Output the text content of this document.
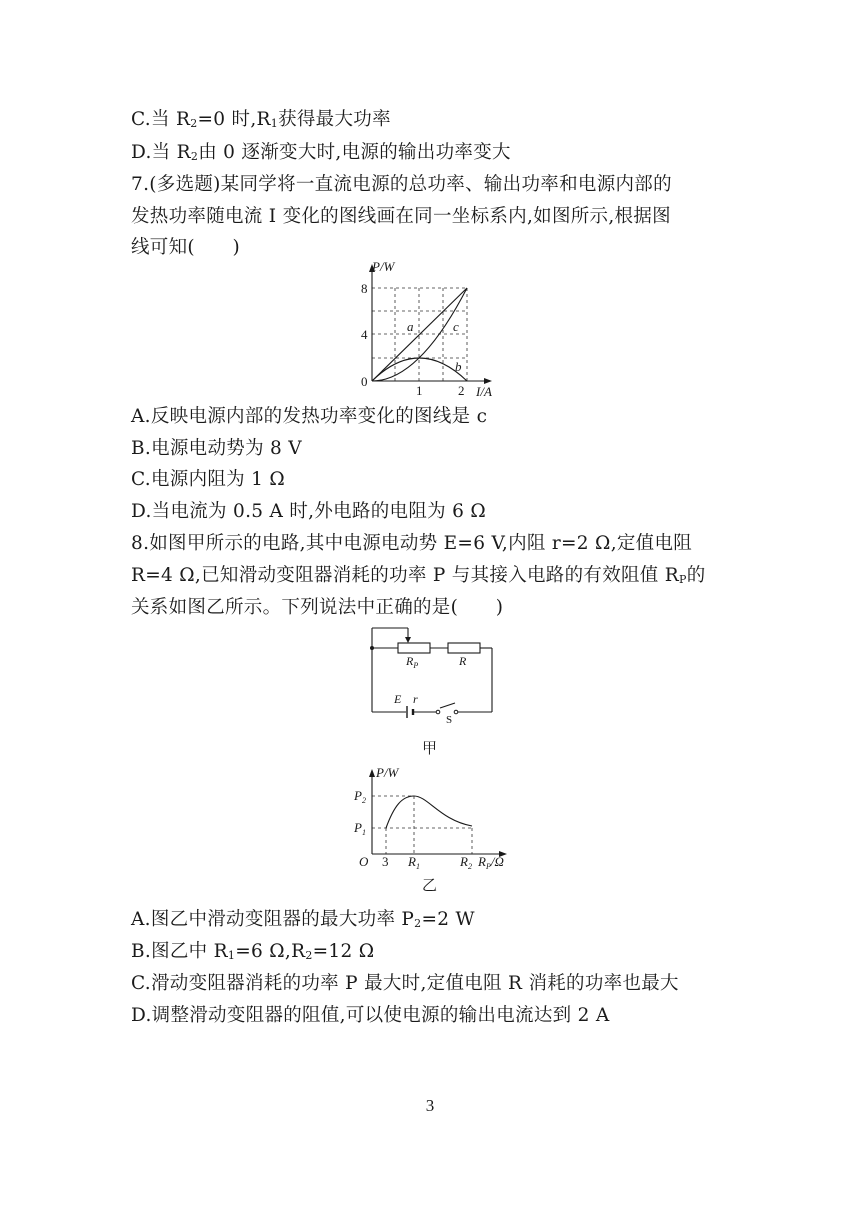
C.当 $R_2=0$ 时$,R_1$获得最大功率
D.当 $R_2$由 0 逐渐变大时,电源的输出功率变大
7.(多选题)某同学将一直流电源的总功率、输出功率和电源内部的
发热功率随电流 I 变化的图线画在同一坐标系内,如图所示,根据图
线可知(　　)
P/W
I/A
8
4
0
1	2
a	c
b
A.反映电源内部的发热功率变化的图线是 c
B.电源电动势为 8 V
C.电源内阻为 1 Ω
D.当电流为 0.5 A 时,外电路的电阻为 6 Ω
8.如图甲所示的电路,其中电源电动势 E=6 V,内阻 r=2 Ω,定值电阻
R=4 Ω,已知滑动变阻器消耗的功率 P 与其接入电路的有效阻值 $R_P$的
关系如图乙所示。下列说法中正确的是(　　)
$R_P$	R
E r
S
甲
P/W
$P_2$
$P_1$
O 3 $R_1$	$R_2$ $R_P/\Omega$
乙
A.图乙中滑动变阻器的最大功率 $P_2=2$ W
B.图乙中 $R_1=6$ $\Omega,R_2=12$ Ω
C.滑动变阻器消耗的功率 P 最大时,定值电阻 R 消耗的功率也最大
D.调整滑动变阻器的阻值,可以使电源的输出电流达到 2 A
3
